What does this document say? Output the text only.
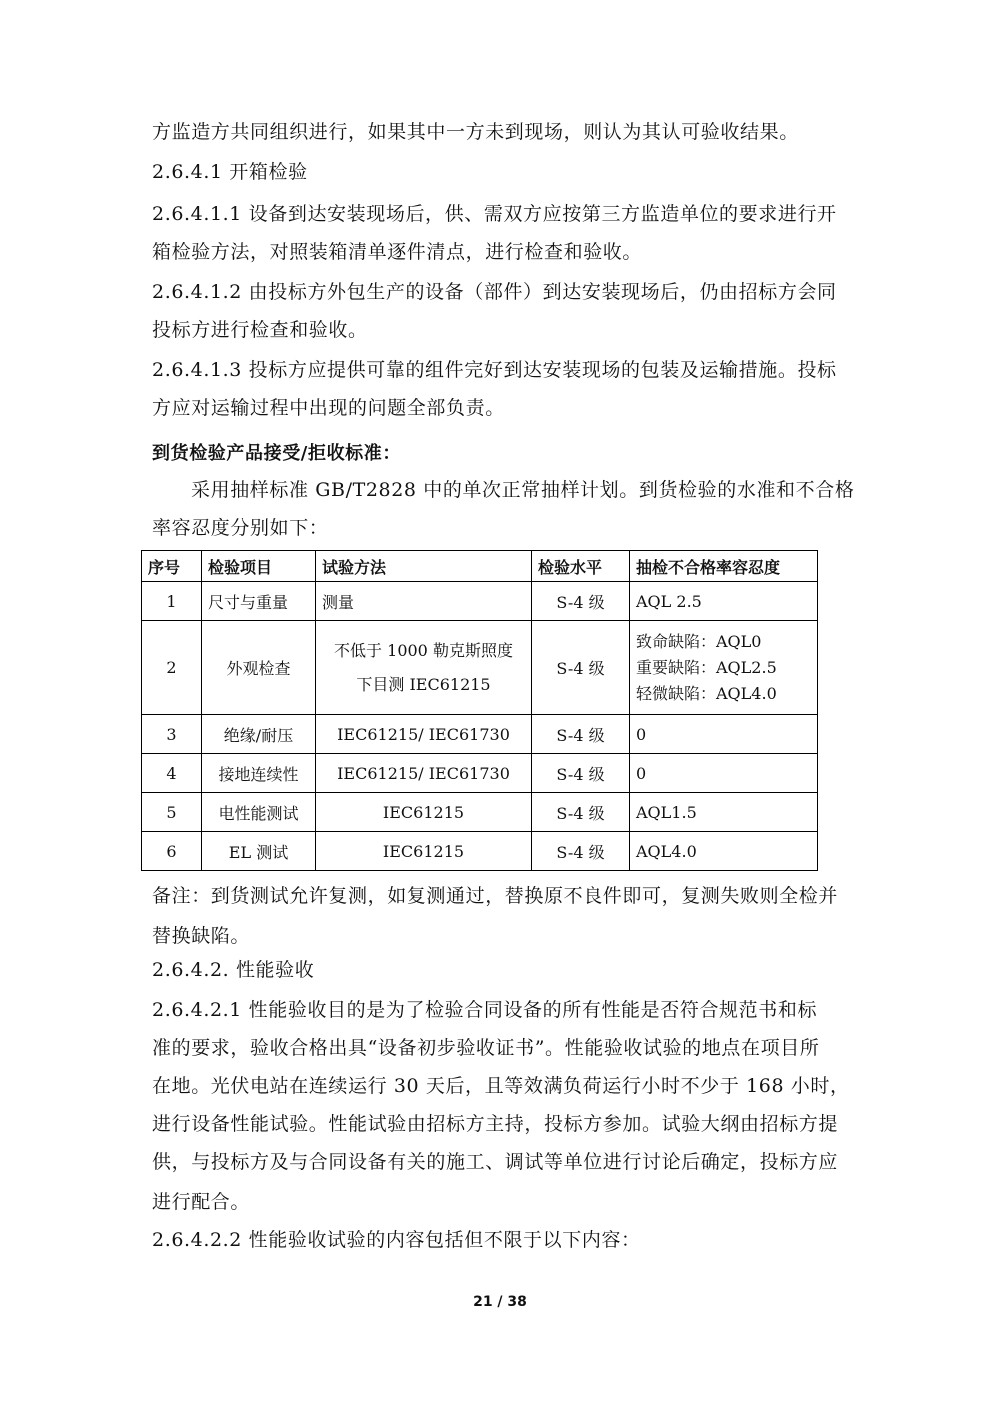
方监造方共同组织进行，如果其中一方未到现场，则认为其认可验收结果。
2.6.4.1 开箱检验
2.6.4.1.1 设备到达安装现场后，供、需双方应按第三方监造单位的要求进行开
箱检验方法，对照装箱清单逐件清点，进行检查和验收。
2.6.4.1.2 由投标方外包生产的设备（部件）到达安装现场后，仍由招标方会同
投标方进行检查和验收。
2.6.4.1.3 投标方应提供可靠的组件完好到达安装现场的包装及运输措施。投标
方应对运输过程中出现的问题全部负责。
到货检验产品接受/拒收标准：
采用抽样标准 GB/T2828 中的单次正常抽样计划。到货检验的水准和不合格
率容忍度分别如下：
序号	检验项目	试验方法	检验水平	抽检不合格率容忍度
1	尺寸与重量	测量	S-4 级	AQL 2.5
2	外观检查	不低于 1000 勒克斯照度
下目测 IEC61215	S-4 级	致命缺陷：AQL0
重要缺陷：AQL2.5
轻微缺陷：AQL4.0

3	绝缘/耐压	IEC61215/ IEC61730	S-4 级	0
4	接地连续性	IEC61215/ IEC61730	S-4 级	0
5	电性能测试	IEC61215	S-4 级	AQL1.5
6	EL 测试	IEC61215	S-4 级	AQL4.0
备注：到货测试允许复测，如复测通过，替换原不良件即可，复测失败则全检并
替换缺陷。
2.6.4.2. 性能验收
2.6.4.2.1 性能验收目的是为了检验合同设备的所有性能是否符合规范书和标
准的要求，验收合格出具“设备初步验收证书”。性能验收试验的地点在项目所
在地。光伏电站在连续运行 30 天后，且等效满负荷运行小时不少于 168 小时，
进行设备性能试验。性能试验由招标方主持，投标方参加。试验大纲由招标方提
供，与投标方及与合同设备有关的施工、调试等单位进行讨论后确定，投标方应
进行配合。
2.6.4.2.2 性能验收试验的内容包括但不限于以下内容：
21 / 38
